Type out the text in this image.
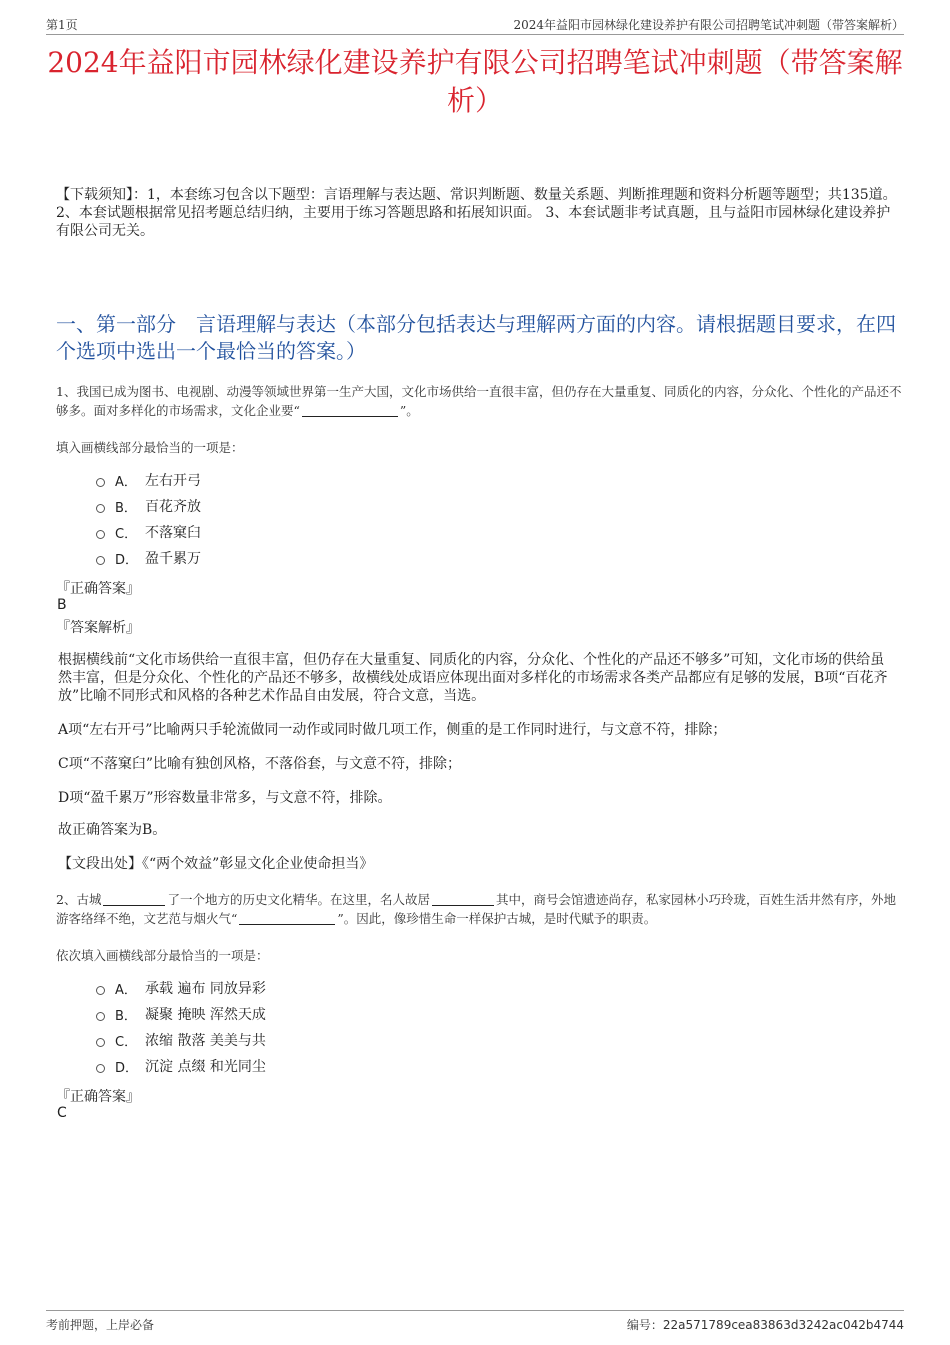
第1页	2024年益阳市园林绿化建设养护有限公司招聘笔试冲刺题（带答案解析）
2024年益阳市园林绿化建设养护有限公司招聘笔试冲刺题（带答案解析）
【下载须知】：1，本套练习包含以下题型：言语理解与表达题、常识判断题、数量关系题、判断推理题和资料分析题等题型；共135道。 2、本套试题根据常见招考题总结归纳，主要用于练习答题思路和拓展知识面。 3、本套试题非考试真题，且与益阳市园林绿化建设养护有限公司无关。
一、第一部分　言语理解与表达（本部分包括表达与理解两方面的内容。请根据题目要求，在四个选项中选出一个最恰当的答案。）
1、我国已成为图书、电视剧、动漫等领域世界第一生产大国，文化市场供给一直很丰富，但仍存在大量重复、同质化的内容，分众化、个性化的产品还不够多。面对多样化的市场需求，文化企业要“	”。
填入画横线部分最恰当的一项是：
A． 左右开弓
B． 百花齐放
C． 不落窠臼
D． 盈千累万
『正确答案』
B
『答案解析』
根据横线前“文化市场供给一直很丰富，但仍存在大量重复、同质化的内容，分众化、个性化的产品还不够多”可知，文化市场的供给虽然丰富，但是分众化、个性化的产品还不够多，故横线处成语应体现出面对多样化的市场需求各类产品都应有足够的发展，B项“百花齐放”比喻不同形式和风格的各种艺术作品自由发展，符合文意，当选。
A项“左右开弓”比喻两只手轮流做同一动作或同时做几项工作，侧重的是工作同时进行，与文意不符，排除；
C项“不落窠臼”比喻有独创风格，不落俗套，与文意不符，排除；
D项“盈千累万”形容数量非常多，与文意不符，排除。
故正确答案为B。
【文段出处】《“两个效益”彰显文化企业使命担当》
2、古城	了一个地方的历史文化精华。在这里，名人故居	其中，商号会馆遗迹尚存，私家园林小巧玲珑，百姓生活井然有序，外地游客络绎不绝，文艺范与烟火气“	”。因此，像珍惜生命一样保护古城，是时代赋予的职责。
依次填入画横线部分最恰当的一项是：
A． 承载 遍布 同放异彩
B． 凝聚 掩映 浑然天成
C． 浓缩 散落 美美与共
D． 沉淀 点缀 和光同尘
『正确答案』
C
考前押题，上岸必备	编号：22a571789cea83863d3242ac042b4744
